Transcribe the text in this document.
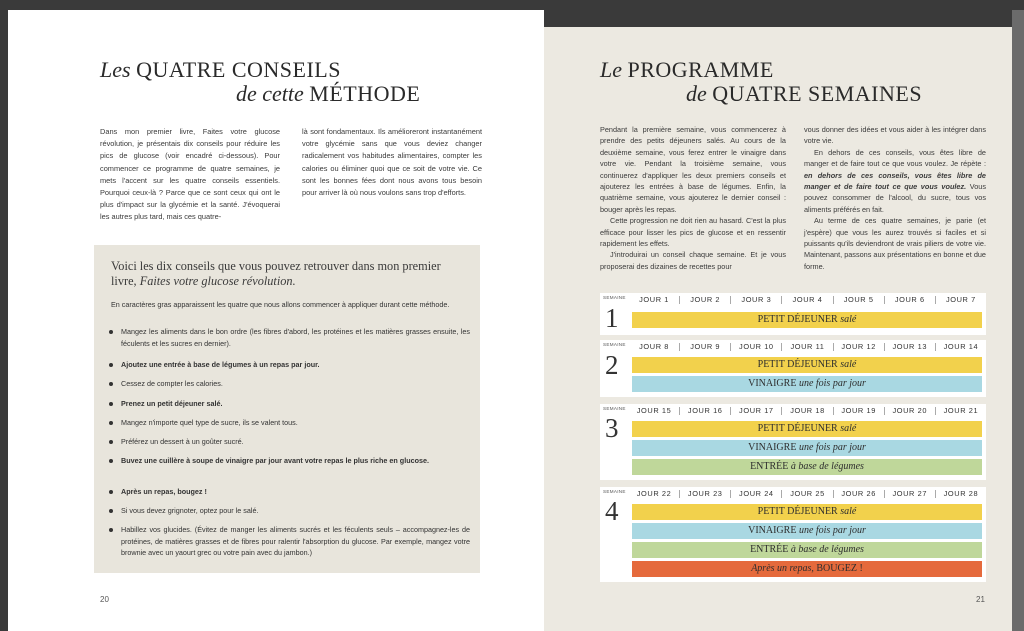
Les QUATRE CONSEILS
de cette MÉTHODE
Dans mon premier livre, Faites votre glucose révolution, je présentais dix conseils pour réduire les pics de glucose (voir encadré ci-dessous). Pour commencer ce programme de quatre semaines, je mets l'accent sur les quatre conseils essentiels. Pourquoi ceux-là ? Parce que ce sont ceux qui ont le plus d'impact sur la glycémie et la santé. J'évoquerai les autres plus tard, mais ces quatre-
là sont fondamentaux. Ils amélioreront instantanément votre glycémie sans que vous deviez changer radicalement vos habitudes alimentaires, compter les calories ou éliminer quoi que ce soit de votre vie. Ce sont les bonnes fées dont nous avons tous besoin pour arriver là où nous voulons sans trop d'efforts.
Voici les dix conseils que vous pouvez retrouver dans mon premier livre, Faites votre glucose révolution.
En caractères gras apparaissent les quatre que nous allons commencer à appliquer durant cette méthode.
Mangez les aliments dans le bon ordre (les fibres d'abord, les protéines et les matières grasses ensuite, les féculents et les sucres en dernier).
Ajoutez une entrée à base de légumes à un repas par jour.
Cessez de compter les calories.
Prenez un petit déjeuner salé.
Mangez n'importe quel type de sucre, ils se valent tous.
Préférez un dessert à un goûter sucré.
Buvez une cuillère à soupe de vinaigre par jour avant votre repas le plus riche en glucose.
Après un repas, bougez !
Si vous devez grignoter, optez pour le salé.
Habillez vos glucides. (Évitez de manger les aliments sucrés et les féculents seuls – accompagnez-les de protéines, de matières grasses et de fibres pour ralentir l'absorption du glucose. Par exemple, mangez votre brownie avec un yaourt grec ou votre pain avec du jambon.)
20
Le PROGRAMME
de QUATRE SEMAINES

Pendant la première semaine, vous commencerez à prendre des petits déjeuners salés. Au cours de la deuxième semaine, vous ferez entrer le vinaigre dans votre vie. Pendant la troisième semaine, vous continuerez d'appliquer les deux premiers conseils et ajouterez les entrées à base de légumes. Enfin, la quatrième semaine, vous ajouterez le dernier conseil : bouger après les repas.

Cette progression ne doit rien au hasard. C'est la plus efficace pour lisser les pics de glucose et en ressentir rapidement les effets.

J'introduirai un conseil chaque semaine. Et je vous proposerai des dizaines de recettes pour

vous donner des idées et vous aider à les intégrer dans votre vie.

En dehors de ces conseils, vous êtes libre de manger et de faire tout ce que vous voulez. Je répète : en dehors de ces conseils, vous êtes libre de manger et de faire tout ce que vous voulez. Vous pouvez consommer de l'alcool, du sucre, tous vos aliments préférés en fait.

Au terme de ces quatre semaines, je parie (et j'espère) que vous les aurez trouvés si faciles et si puissants qu'ils deviendront de vrais piliers de votre vie. Maintenant, passons aux présentations en bonne et due forme.

SEMAINE
1
JOUR 1	JOUR 2	JOUR 3	JOUR 4	JOUR 5	JOUR 6	JOUR 7
PETIT DÉJEUNER salé
SEMAINE
2
JOUR 8	JOUR 9	JOUR 10	JOUR 11	JOUR 12	JOUR 13	JOUR 14
PETIT DÉJEUNER salé
VINAIGRE une fois par jour
SEMAINE
3
JOUR 15	JOUR 16	JOUR 17	JOUR 18	JOUR 19	JOUR 20	JOUR 21
PETIT DÉJEUNER salé
VINAIGRE une fois par jour
ENTRÉE à base de légumes
SEMAINE
4
JOUR 22	JOUR 23	JOUR 24	JOUR 25	JOUR 26	JOUR 27	JOUR 28
PETIT DÉJEUNER salé
VINAIGRE une fois par jour
ENTRÉE à base de légumes
Après un repas, BOUGEZ !
21
